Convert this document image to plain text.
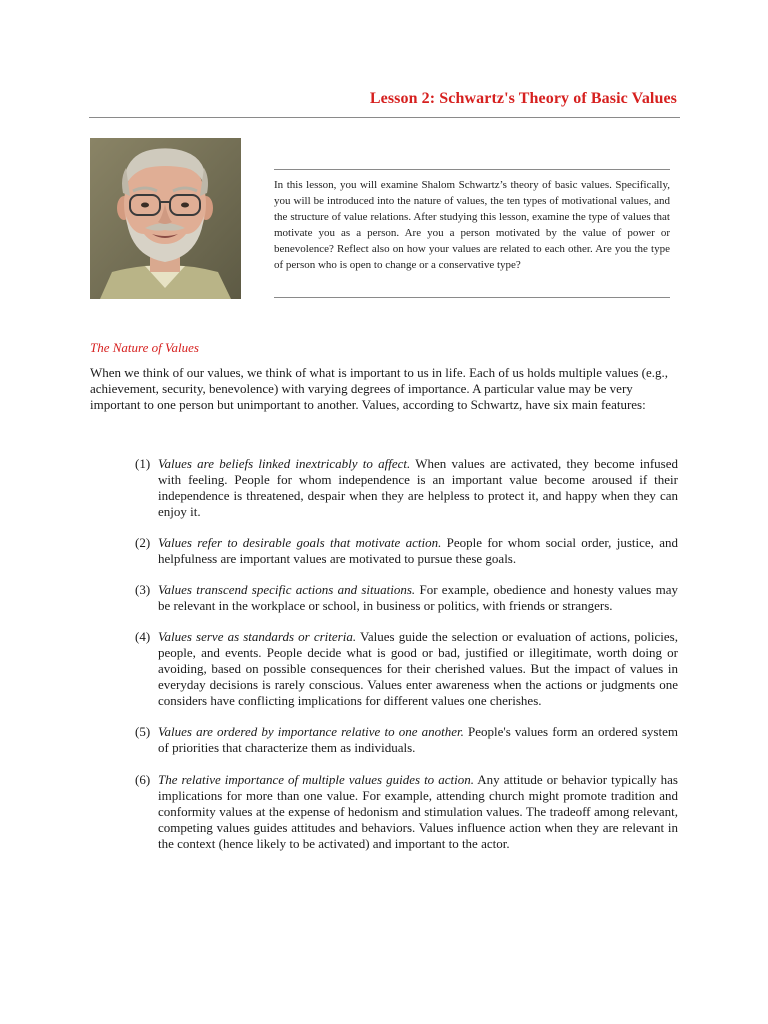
Lesson 2: Schwartz's Theory of Basic Values

In this lesson, you will examine Shalom Schwartz’s theory of basic values. Specifically, you will be introduced into the nature of values, the ten types of motivational values, and the structure of value relations. After studying this lesson, examine the type of values that motivate you as a person. Are you a person motivated by the value of power or benevolence? Reflect also on how your values are related to each other. Are you the type of person who is open to change or a conservative type?

The Nature of Values

When we think of our values, we think of what is important to us in life. Each of us holds multiple values (e.g., achievement, security, benevolence) with varying degrees of importance. A particular value may be very important to one person but unimportant to another. Values, according to Schwartz, have six main features:

(1) Values are beliefs linked inextricably to affect. When values are activated, they become infused with feeling. People for whom independence is an important value become aroused if their independence is threatened, despair when they are helpless to protect it, and happy when they can enjoy it.
(2) Values refer to desirable goals that motivate action. People for whom social order, justice, and helpfulness are important values are motivated to pursue these goals.
(3) Values transcend specific actions and situations. For example, obedience and honesty values may be relevant in the workplace or school, in business or politics, with friends or strangers.
(4) Values serve as standards or criteria. Values guide the selection or evaluation of actions, policies, people, and events. People decide what is good or bad, justified or illegitimate, worth doing or avoiding, based on possible consequences for their cherished values. But the impact of values in everyday decisions is rarely conscious. Values enter awareness when the actions or judgments one considers have conflicting implications for different values one cherishes.
(5) Values are ordered by importance relative to one another. People's values form an ordered system of priorities that characterize them as individuals.
(6) The relative importance of multiple values guides to action. Any attitude or behavior typically has implications for more than one value. For example, attending church might promote tradition and conformity values at the expense of hedonism and stimulation values. The tradeoff among relevant, competing values guides attitudes and behaviors. Values influence action when they are relevant in the context (hence likely to be activated) and important to the actor.
